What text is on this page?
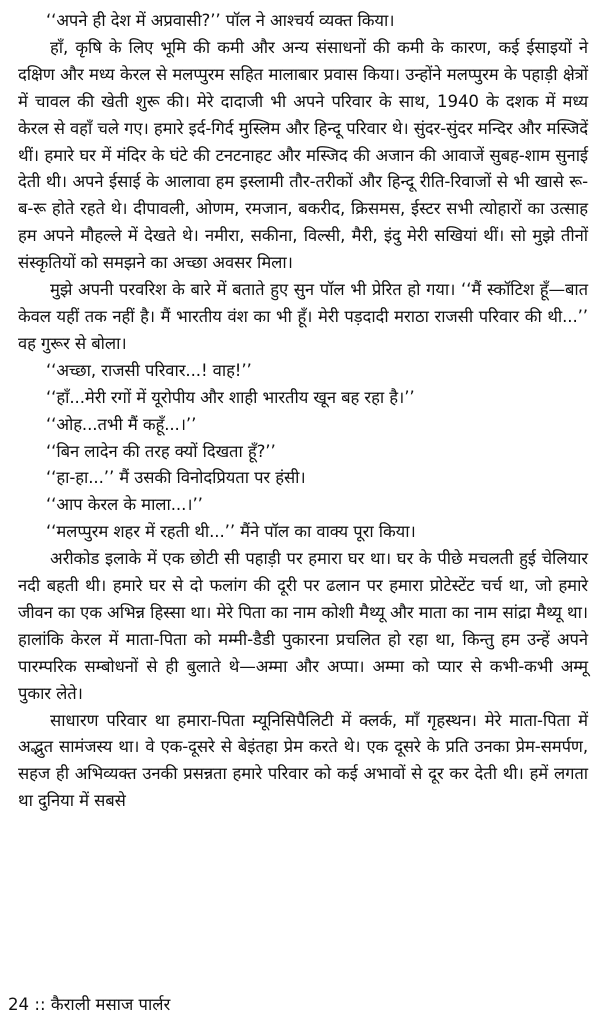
‘‘अपने ही देश में अप्रवासी?’’ पॉल ने आश्चर्य व्यक्त किया।

हाँ, कृषि के लिए भूमि की कमी और अन्य संसाधनों की कमी के कारण, कई ईसाइयों ने दक्षिण और मध्य केरल से मलप्पुरम सहित मालाबार प्रवास किया। उन्होंने मलप्पुरम के पहाड़ी क्षेत्रों में चावल की खेती शुरू की। मेरे दादाजी भी अपने परिवार के साथ, 1940 के दशक में मध्य केरल से वहाँ चले गए। हमारे इर्द-गिर्द मुस्लिम और हिन्दू परिवार थे। सुंदर-सुंदर मन्दिर और मस्जिदें थीं। हमारे घर में मंदिर के घंटे की टनटनाहट और मस्जिद की अजान की आवाजें सुबह-शाम सुनाई देती थी। अपने ईसाई के आलावा हम इस्लामी तौर-तरीकों और हिन्दू रीति-रिवाजों से भी खासे रू-ब-रू होते रहते थे। दीपावली, ओणम, रमजान, बकरीद, क्रिसमस, ईस्टर सभी त्योहारों का उत्साह हम अपने मौहल्ले में देखते थे। नमीरा, सकीना, विल्सी, मैरी, इंदु मेरी सखियां थीं। सो मुझे तीनों संस्कृतियों को समझने का अच्छा अवसर मिला।

मुझे अपनी परवरिश के बारे में बताते हुए सुन पॉल भी प्रेरित हो गया। ‘‘मैं स्कॉटिश हूँ—बात केवल यहीं तक नहीं है। मैं भारतीय वंश का भी हूँ। मेरी पड़दादी मराठा राजसी परिवार की थी...’’ वह गुरूर से बोला।

‘‘अच्छा, राजसी परिवार...! वाह!’’

‘‘हाँ...मेरी रगों में यूरोपीय और शाही भारतीय खून बह रहा है।’’

‘‘ओह...तभी मैं कहूँ...।’’

‘‘बिन लादेन की तरह क्यों दिखता हूँ?’’

‘‘हा-हा...’’ मैं उसकी विनोदप्रियता पर हंसी।

‘‘आप केरल के माला...।’’

‘‘मलप्पुरम शहर में रहती थी...’’ मैंने पॉल का वाक्य पूरा किया।

अरीकोड इलाके में एक छोटी सी पहाड़ी पर हमारा घर था। घर के पीछे मचलती हुई चेलियार नदी बहती थी। हमारे घर से दो फलांग की दूरी पर ढलान पर हमारा प्रोटेस्टेंट चर्च था, जो हमारे जीवन का एक अभिन्न हिस्सा था। मेरे पिता का नाम कोशी मैथ्यू और माता का नाम सांद्रा मैथ्यू था। हालांकि केरल में माता-पिता को मम्मी-डैडी पुकारना प्रचलित हो रहा था, किन्तु हम उन्हें अपने पारम्परिक सम्बोधनों से ही बुलाते थे—अम्मा और अप्पा। अम्मा को प्यार से कभी-कभी अम्मू पुकार लेते।

साधारण परिवार था हमारा-पिता म्यूनिसिपैलिटी में क्लर्क, माँ गृहस्थन। मेरे माता-पिता में अद्भुत सामंजस्य था। वे एक-दूसरे से बेइंतहा प्रेम करते थे। एक दूसरे के प्रति उनका प्रेम-समर्पण, सहज ही अभिव्यक्त उनकी प्रसन्नता हमारे परिवार को कई अभावों से दूर कर देती थी। हमें लगता था दुनिया में सबसे

24 :: कैराली मसाज पार्लर
